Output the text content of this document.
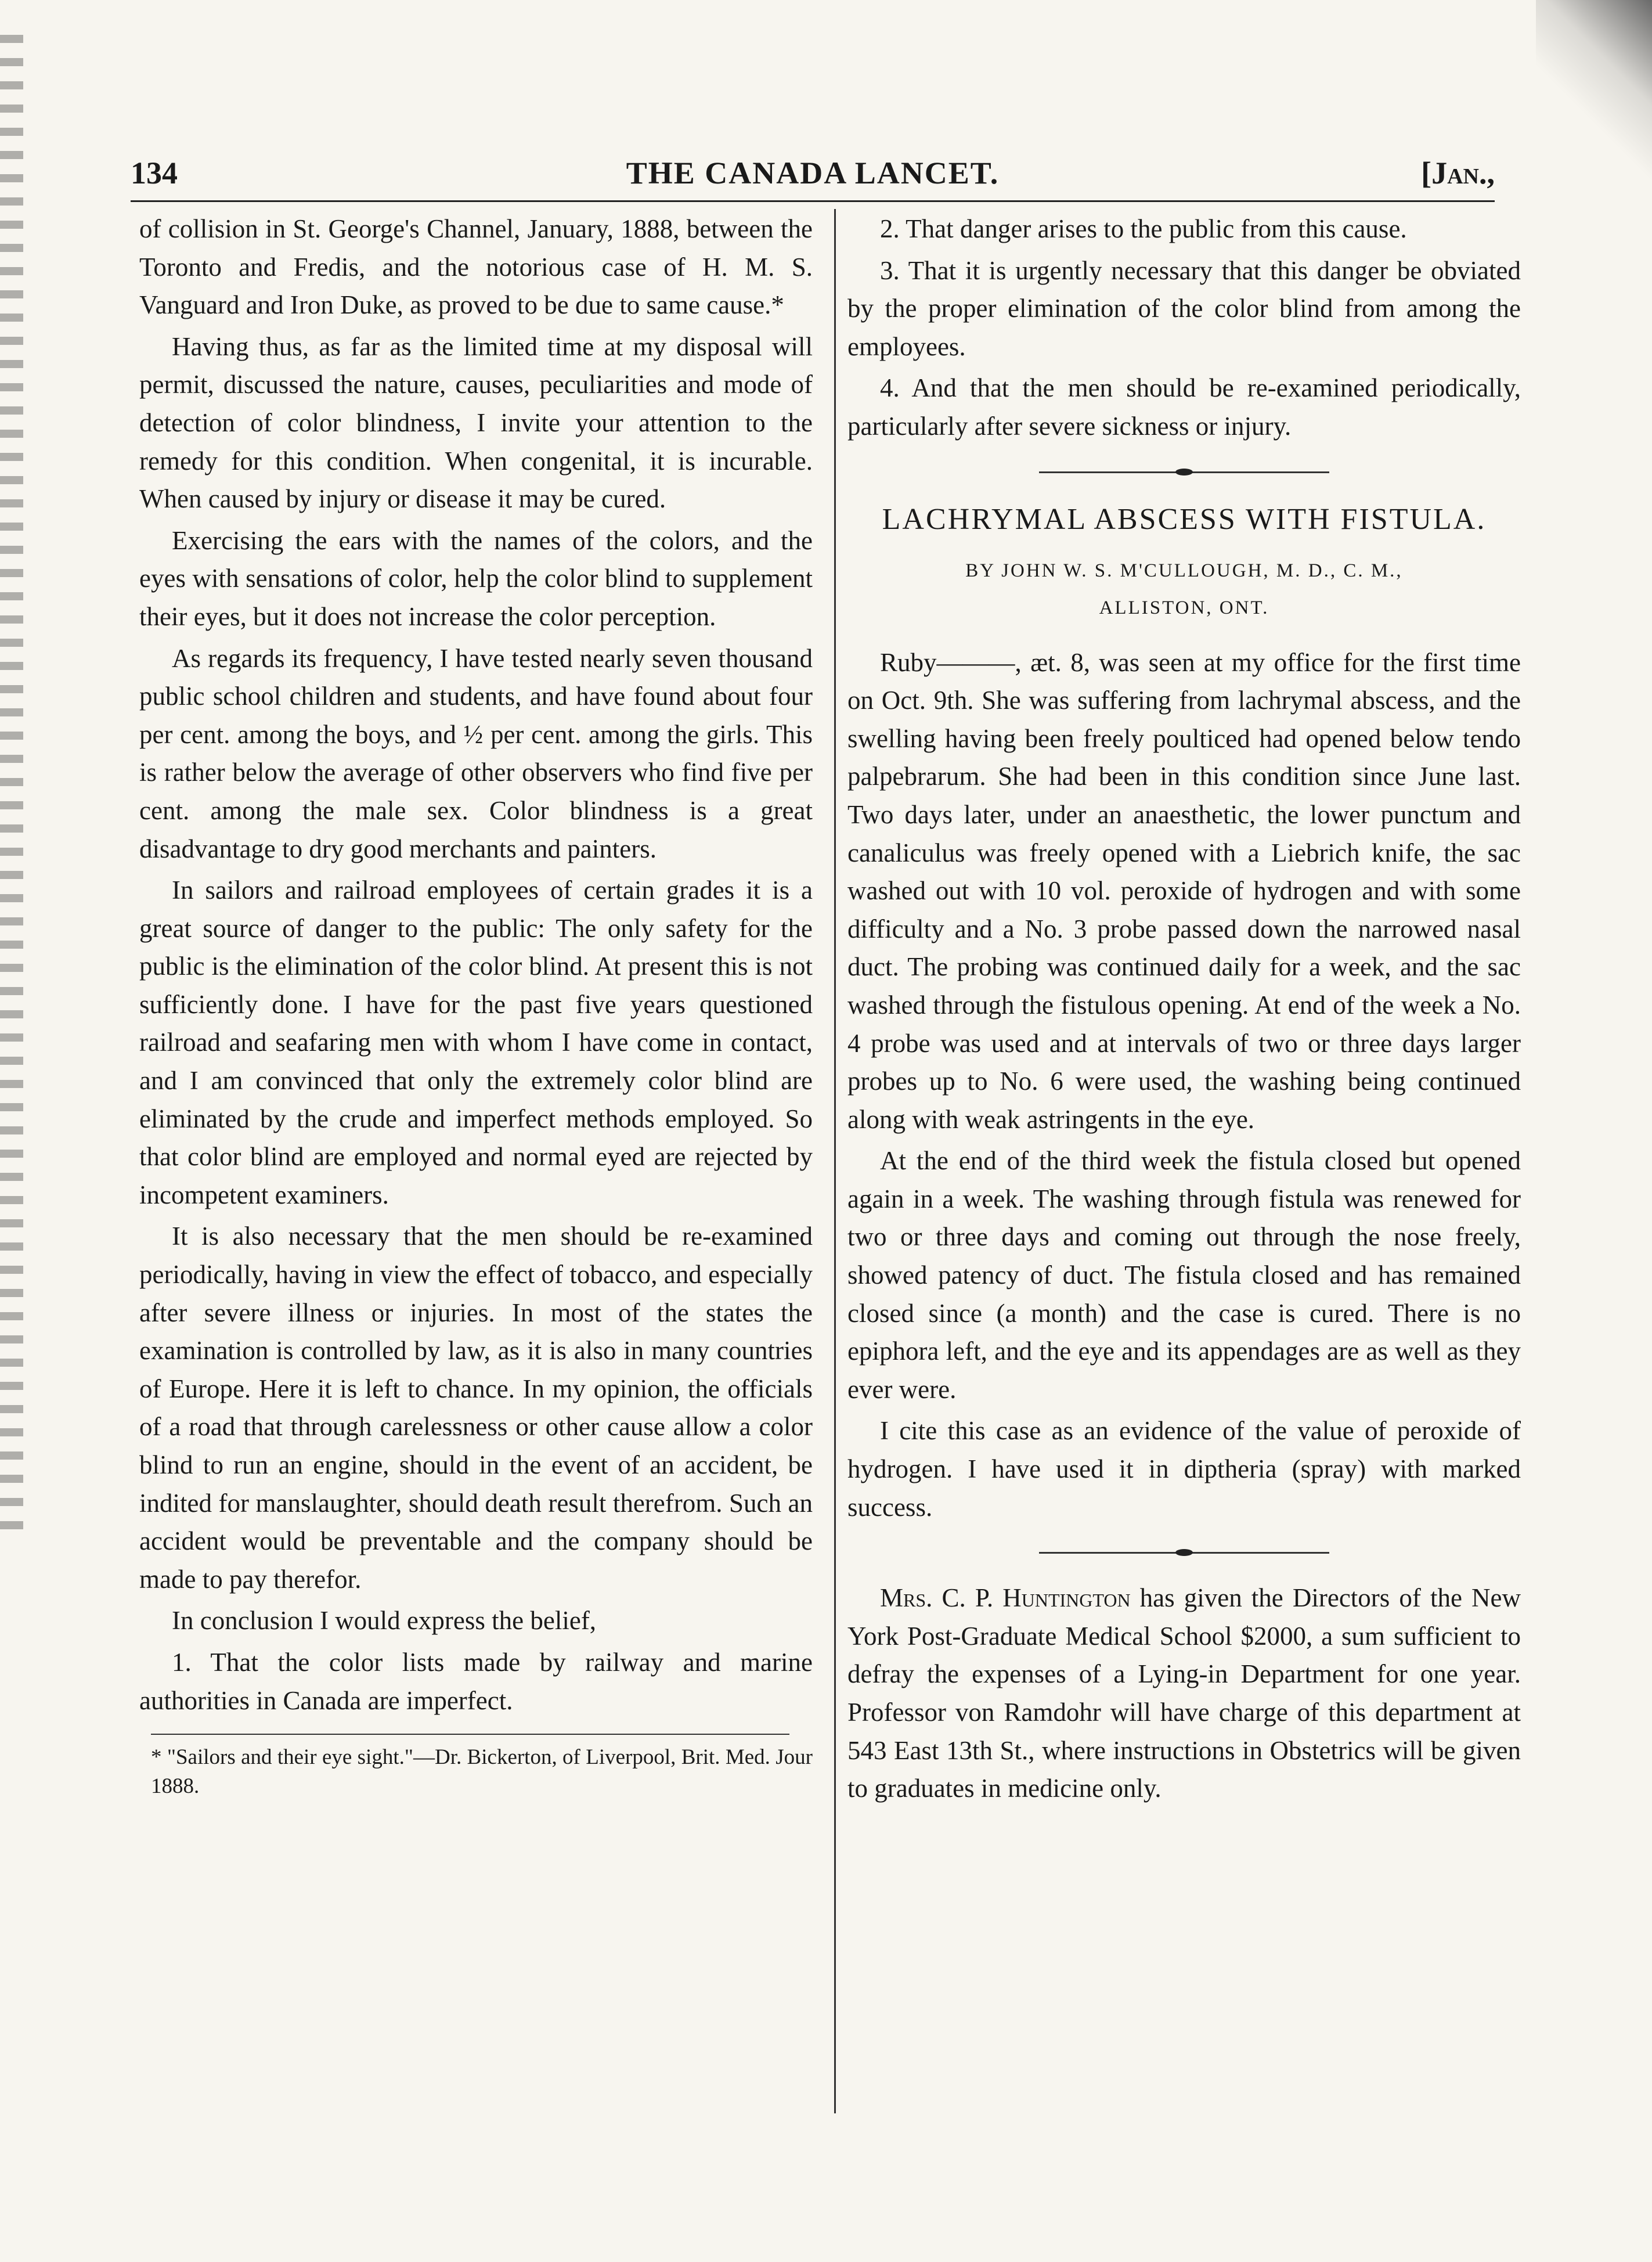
134	THE CANADA LANCET.	[Jan.,

of collision in St. George's Channel, January, 1888, between the Toronto and Fredis, and the notorious case of H. M. S. Vanguard and Iron Duke, as proved to be due to same cause.*

Having thus, as far as the limited time at my disposal will permit, discussed the nature, causes, peculiarities and mode of detection of color blindness, I invite your attention to the remedy for this condition. When congenital, it is incurable. When caused by injury or disease it may be cured.

Exercising the ears with the names of the colors, and the eyes with sensations of color, help the color blind to supplement their eyes, but it does not increase the color perception.

As regards its frequency, I have tested nearly seven thousand public school children and students, and have found about four per cent. among the boys, and ½ per cent. among the girls. This is rather below the average of other observers who find five per cent. among the male sex. Color blindness is a great disadvantage to dry good merchants and painters.

In sailors and railroad employees of certain grades it is a great source of danger to the public: The only safety for the public is the elimination of the color blind. At present this is not sufficiently done. I have for the past five years questioned railroad and seafaring men with whom I have come in contact, and I am convinced that only the extremely color blind are eliminated by the crude and imperfect methods employed. So that color blind are employed and normal eyed are rejected by incompetent examiners.

It is also necessary that the men should be re-examined periodically, having in view the effect of tobacco, and especially after severe illness or injuries. In most of the states the examination is controlled by law, as it is also in many countries of Europe. Here it is left to chance. In my opinion, the officials of a road that through carelessness or other cause allow a color blind to run an engine, should in the event of an accident, be indited for manslaughter, should death result therefrom. Such an accident would be preventable and the company should be made to pay therefor.

In conclusion I would express the belief,

1. That the color lists made by railway and marine authorities in Canada are imperfect.

* "Sailors and their eye sight."—Dr. Bickerton, of Liverpool, Brit. Med. Jour 1888.

2. That danger arises to the public from this cause.

3. That it is urgently necessary that this danger be obviated by the proper elimination of the color blind from among the employees.

4. And that the men should be re-examined periodically, particularly after severe sickness or injury.

LACHRYMAL ABSCESS WITH FISTULA.
BY JOHN W. S. M'CULLOUGH, M. D., C. M.,
ALLISTON, ONT.

Ruby———, æt. 8, was seen at my office for the first time on Oct. 9th. She was suffering from lachrymal abscess, and the swelling having been freely poulticed had opened below tendo palpebrarum. She had been in this condition since June last. Two days later, under an anaesthetic, the lower punctum and canaliculus was freely opened with a Liebrich knife, the sac washed out with 10 vol. peroxide of hydrogen and with some difficulty and a No. 3 probe passed down the narrowed nasal duct. The probing was continued daily for a week, and the sac washed through the fistulous opening. At end of the week a No. 4 probe was used and at intervals of two or three days larger probes up to No. 6 were used, the washing being continued along with weak astringents in the eye.

At the end of the third week the fistula closed but opened again in a week. The washing through fistula was renewed for two or three days and coming out through the nose freely, showed patency of duct. The fistula closed and has remained closed since (a month) and the case is cured. There is no epiphora left, and the eye and its appendages are as well as they ever were.

I cite this case as an evidence of the value of peroxide of hydrogen. I have used it in diptheria (spray) with marked success.

Mrs. C. P. Huntington has given the Directors of the New York Post-Graduate Medical School $2000, a sum sufficient to defray the expenses of a Lying-in Department for one year. Professor von Ramdohr will have charge of this department at 543 East 13th St., where instructions in Obstetrics will be given to graduates in medicine only.
